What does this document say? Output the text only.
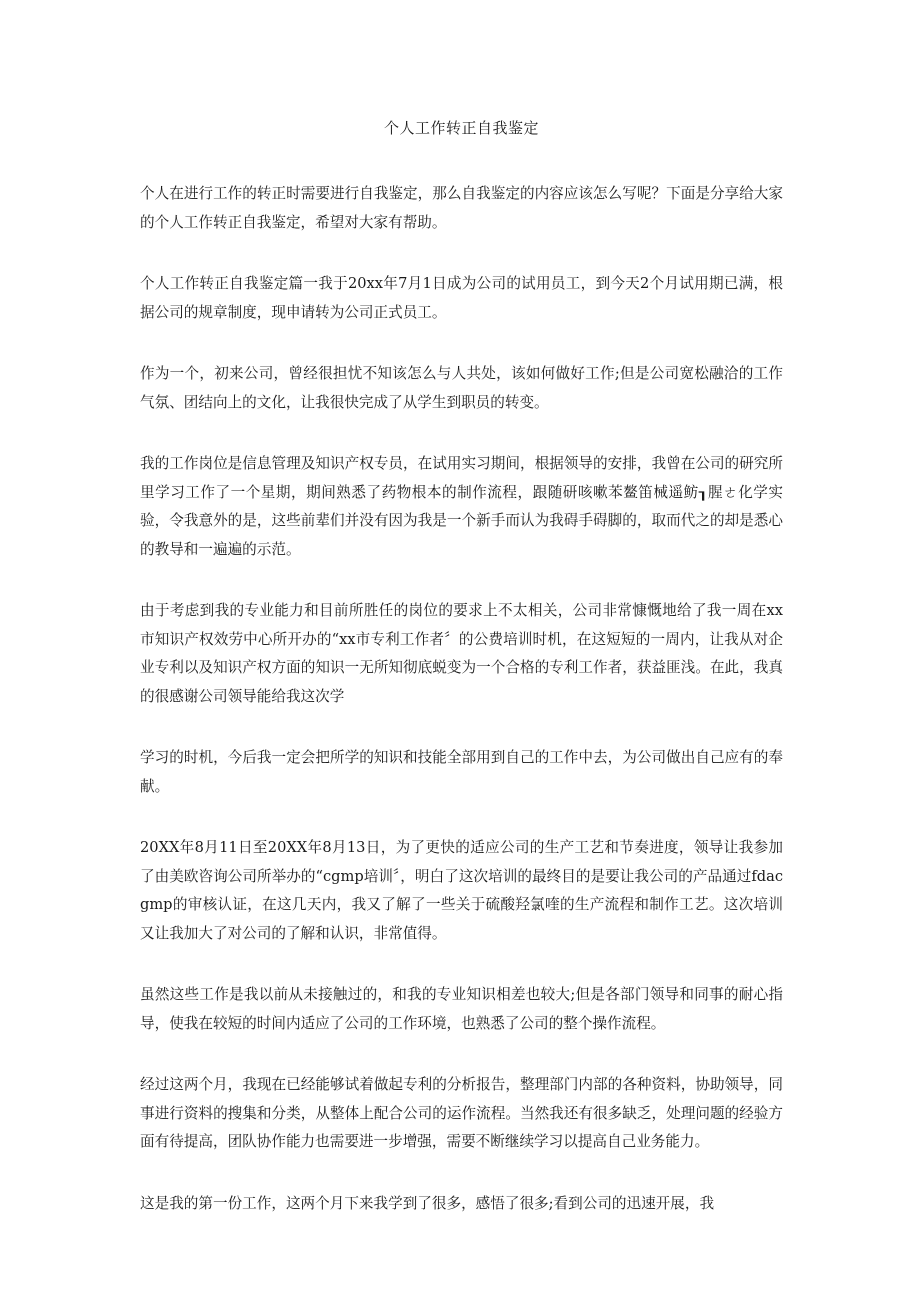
个人工作转正自我鉴定

个人在进行工作的转正时需要进行自我鉴定，那么自我鉴定的内容应该怎么写呢？下面是分享给大家的个人工作转正自我鉴定，希望对大家有帮助。

个人工作转正自我鉴定篇一我于20xx年7月1日成为公司的试用员工，到今天2个月试用期已满，根据公司的规章制度，现申请转为公司正式员工。

作为一个，初来公司，曾经很担忧不知该怎么与人共处，该如何做好工作;但是公司宽松融洽的工作气氛、团结向上的文化，让我很快完成了从学生到职员的转变。

我的工作岗位是信息管理及知识产权专员，在试用实习期间，根据领导的安排，我曾在公司的研究所里学习工作了一个星期，期间熟悉了药物根本的制作流程，跟随研咳嗽苯鳌笛械遥鲂┒腥ㄜ化学实验，令我意外的是，这些前辈们并没有因为我是一个新手而认为我碍手碍脚的，取而代之的却是悉心的教导和一遍遍的示范。

由于考虑到我的专业能力和目前所胜任的岗位的要求上不太相关，公司非常慷慨地给了我一周在xx市知识产权效劳中心所开办的“xx市专利工作者〞的公费培训时机，在这短短的一周内，让我从对企业专利以及知识产权方面的知识一无所知彻底蜕变为一个合格的专利工作者，获益匪浅。在此，我真的很感谢公司领导能给我这次学

学习的时机，今后我一定会把所学的知识和技能全部用到自己的工作中去，为公司做出自己应有的奉献。

20XX年8月11日至20XX年8月13日，为了更快的适应公司的生产工艺和节奏进度，领导让我参加了由美欧咨询公司所举办的“cgmp培训〞，明白了这次培训的最终目的是要让我公司的产品通过fdacgmp的审核认证，在这几天内，我又了解了一些关于硫酸羟氯喹的生产流程和制作工艺。这次培训又让我加大了对公司的了解和认识，非常值得。

虽然这些工作是我以前从未接触过的，和我的专业知识相差也较大;但是各部门领导和同事的耐心指导，使我在较短的时间内适应了公司的工作环境，也熟悉了公司的整个操作流程。

经过这两个月，我现在已经能够试着做起专利的分析报告，整理部门内部的各种资料，协助领导，同事进行资料的搜集和分类，从整体上配合公司的运作流程。当然我还有很多缺乏，处理问题的经验方面有待提高，团队协作能力也需要进一步增强，需要不断继续学习以提高自己业务能力。

这是我的第一份工作，这两个月下来我学到了很多，感悟了很多;看到公司的迅速开展，我
